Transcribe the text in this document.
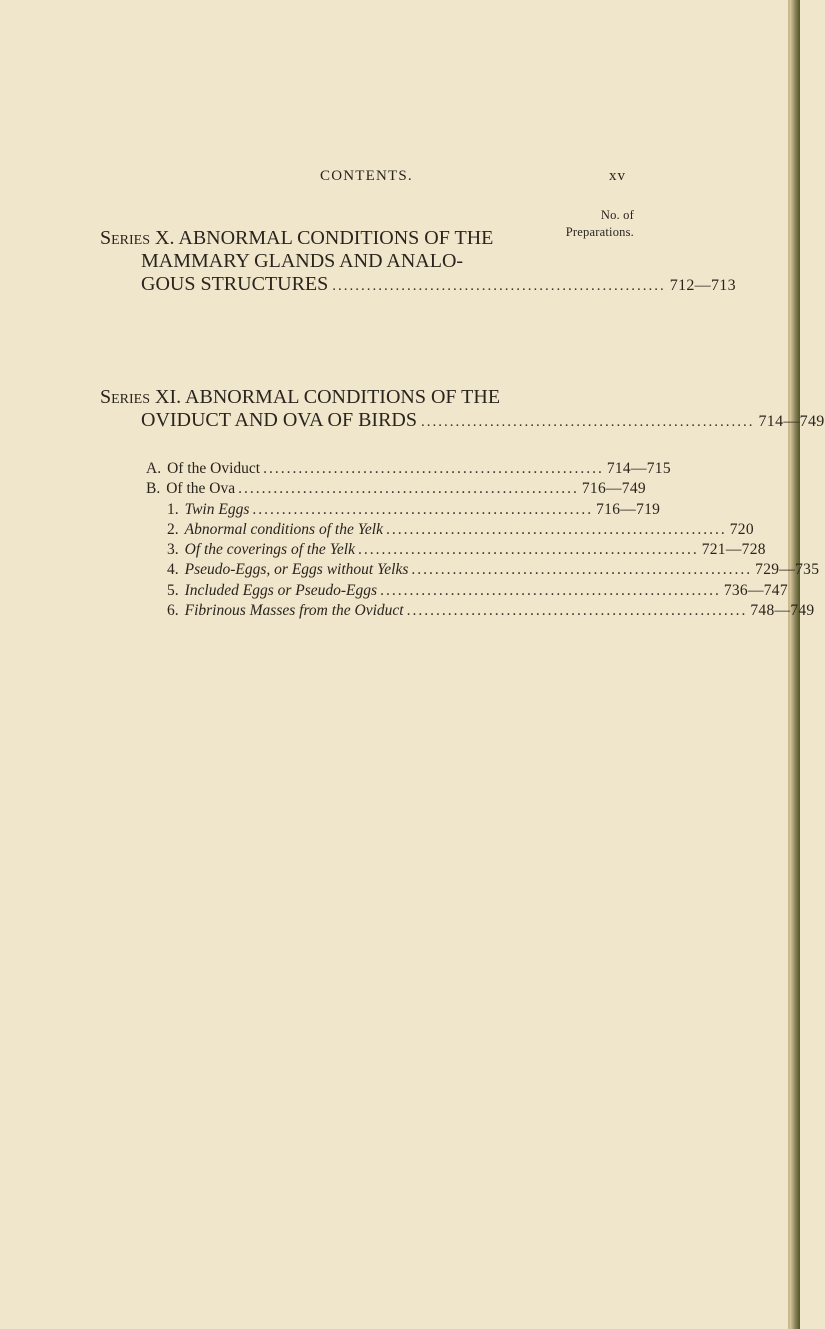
CONTENTS.	xv
No. of
Preparations.
Series X. ABNORMAL CONDITIONS OF THE
MAMMARY GLANDS AND ANALO-
GOUS STRUCTURES .......................................................... 712—713
Series XI. ABNORMAL CONDITIONS OF THE
OVIDUCT AND OVA OF BIRDS .......................................................... 714—749
A. Of the Oviduct .......................................................... 714—715
B. Of the Ova .......................................................... 716—749
1. Twin Eggs .......................................................... 716—719
2. Abnormal conditions of the Yelk .......................................................... 720
3. Of the coverings of the Yelk .......................................................... 721—728
4. Pseudo-Eggs, or Eggs without Yelks .......................................................... 729—735
5. Included Eggs or Pseudo-Eggs .......................................................... 736—747
6. Fibrinous Masses from the Oviduct .......................................................... 748—749
